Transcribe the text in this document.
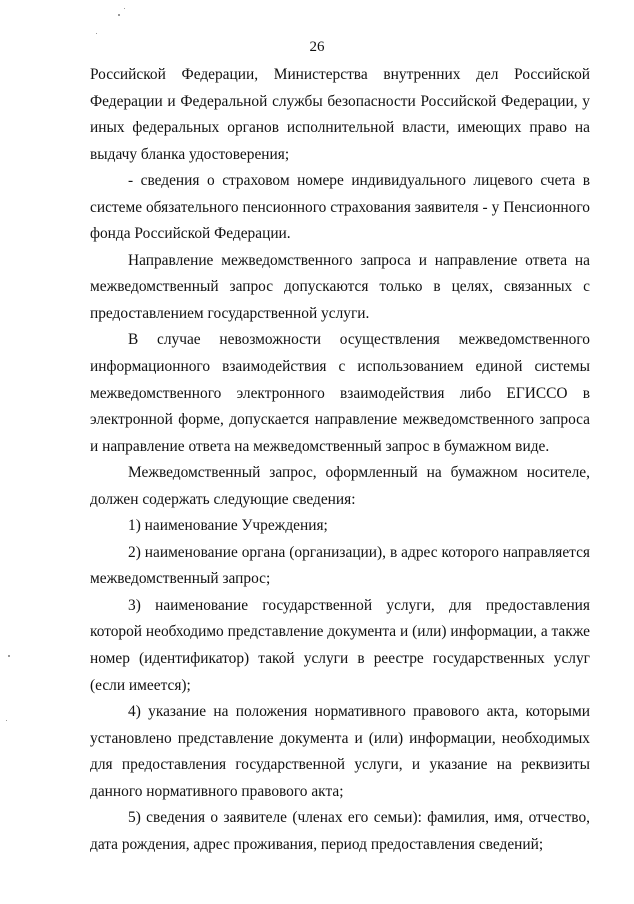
26

Российской Федерации, Министерства внутренних дел Российской Федерации и Федеральной службы безопасности Российской Федерации, у иных федеральных органов исполнительной власти, имеющих право на выдачу бланка удостоверения;

- сведения о страховом номере индивидуального лицевого счета в системе обязательного пенсионного страхования заявителя - у Пенсионного фонда Российской Федерации.

Направление межведомственного запроса и направление ответа на межведомственный запрос допускаются только в целях, связанных с предоставлением государственной услуги.

В случае невозможности осуществления межведомственного информационного взаимодействия с использованием единой системы межведомственного электронного взаимодействия либо ЕГИССО в электронной форме, допускается направление межведомственного запроса и направление ответа на межведомственный запрос в бумажном виде.

Межведомственный запрос, оформленный на бумажном носителе, должен содержать следующие сведения:

1) наименование Учреждения;

2) наименование органа (организации), в адрес которого направляется межведомственный запрос;

3) наименование государственной услуги, для предоставления которой необходимо представление документа и (или) информации, а также номер (идентификатор) такой услуги в реестре государственных услуг (если имеется);

4) указание на положения нормативного правового акта, которыми установлено представление документа и (или) информации, необходимых для предоставления государственной услуги, и указание на реквизиты данного нормативного правового акта;

5) сведения о заявителе (членах его семьи): фамилия, имя, отчество, дата рождения, адрес проживания, период предоставления сведений;
